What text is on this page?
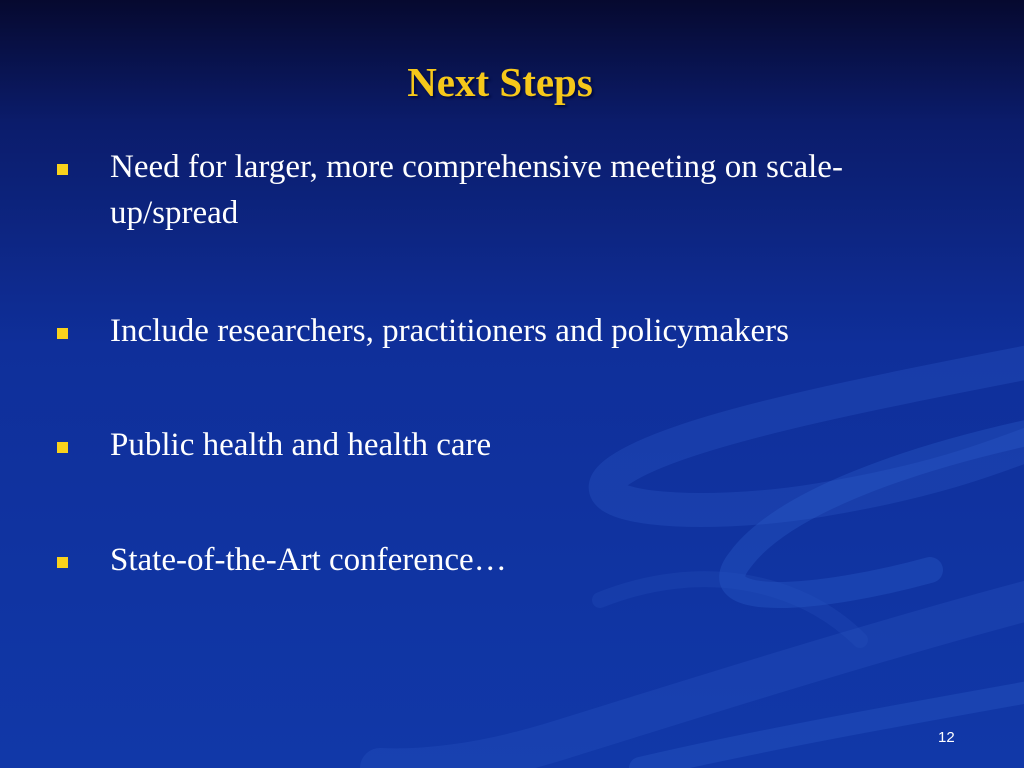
Next Steps
Need for larger, more comprehensive meeting on scale-up/spread
Include researchers, practitioners and policymakers
Public health and health care
State-of-the-Art conference…
12
